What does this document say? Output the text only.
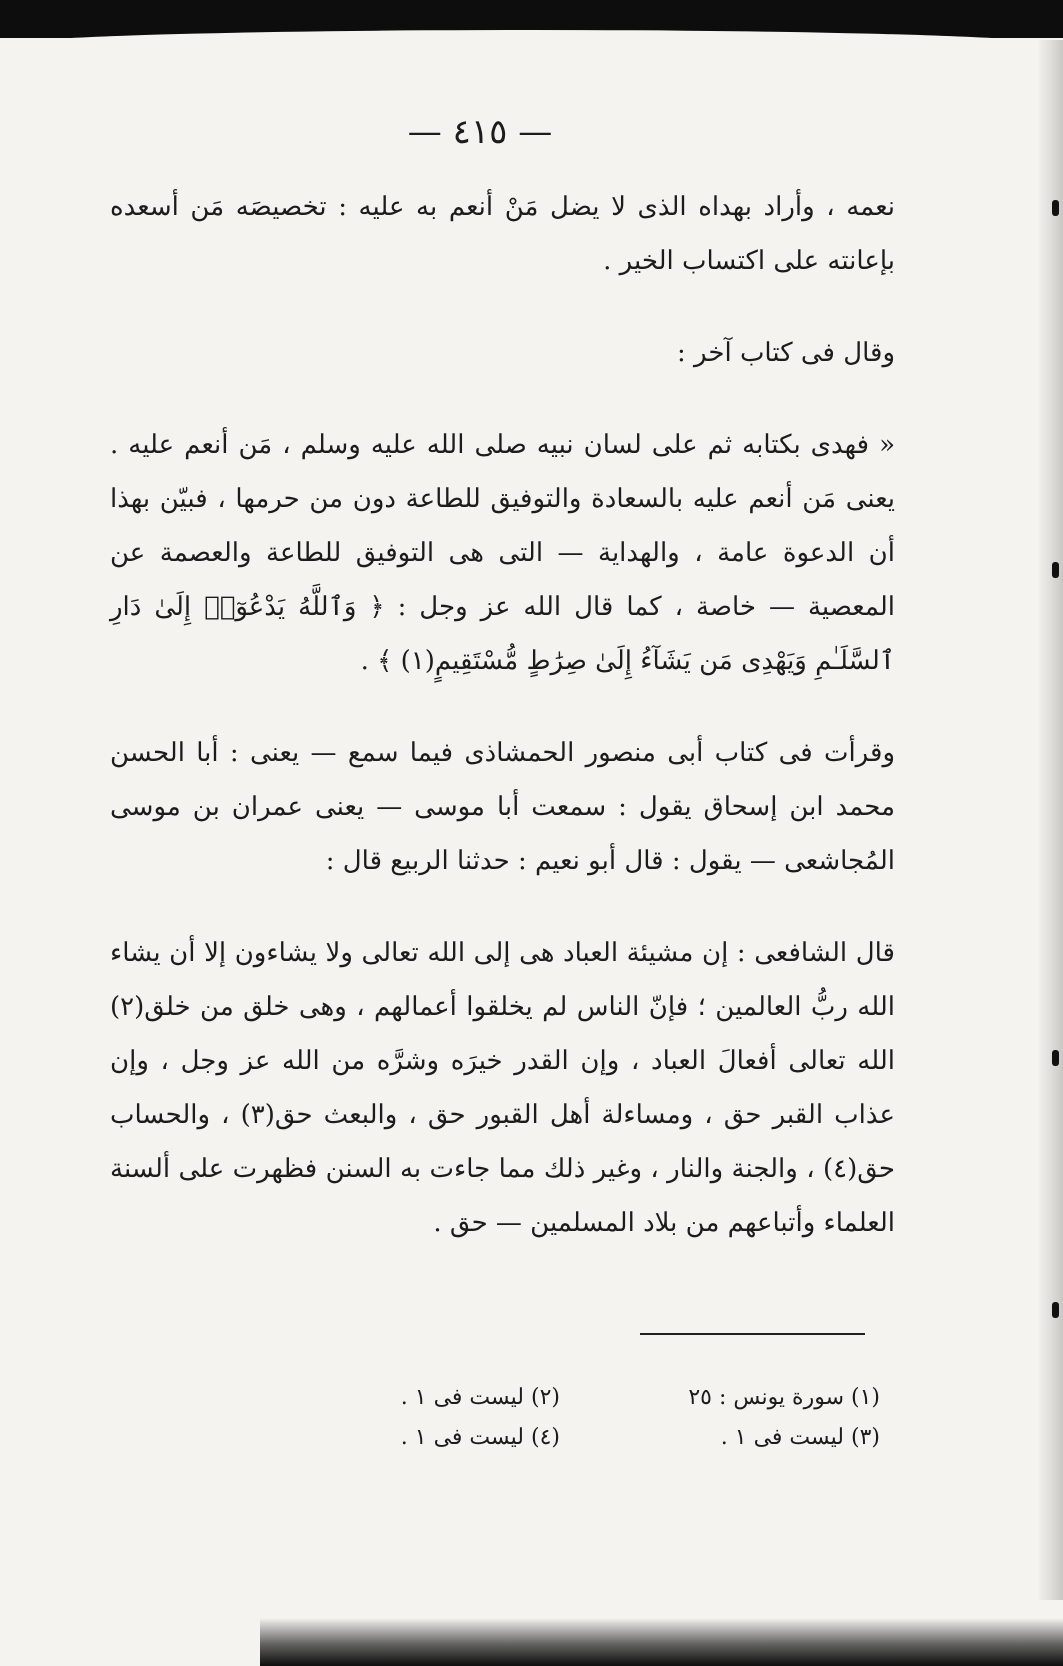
— ٤١٥ —

نعمه ، وأراد بهداه الذى لا يضل مَنْ أنعم به عليه : تخصيصَه مَن أسعده بإعانته على اكتساب الخير .

وقال فى كتاب آخر :

« فهدى بكتابه ثم على لسان نبيه صلى الله عليه وسلم ، مَن أنعم عليه . يعنى مَن أنعم عليه بالسعادة والتوفيق للطاعة دون من حرمها ، فبيّن بهذا أن الدعوة عامة ، والهداية — التى هى التوفيق للطاعة والعصمة عن المعصية — خاصة ، كما قال الله عز وجل : ﴿ وَٱللَّهُ يَدْعُوٓا۟ إِلَىٰ دَارِ ٱلسَّلَـٰمِ وَيَهْدِى مَن يَشَآءُ إِلَىٰ صِرَٰطٍ مُّسْتَقِيمٍ(١) ﴾ .

وقرأت فى كتاب أبى منصور الحمشاذى فيما سمع — يعنى : أبا الحسن محمد ابن إسحاق يقول : سمعت أبا موسى — يعنى عمران بن موسى المُجاشعى — يقول : قال أبو نعيم : حدثنا الربيع قال :

قال الشافعى : إن مشيئة العباد هى إلى الله تعالى ولا يشاءون إلا أن يشاء الله ربُّ العالمين ؛ فإنّ الناس لم يخلقوا أعمالهم ، وهى خلق من خلق(٢) الله تعالى أفعالَ العباد ، وإن القدر خيرَه وشرَّه من الله عز وجل ، وإن عذاب القبر حق ، ومساءلة أهل القبور حق ، والبعث حق(٣) ، والحساب حق(٤) ، والجنة والنار ، وغير ذلك مما جاءت به السنن فظهرت على ألسنة العلماء وأتباعهم من بلاد المسلمين — حق .

(١) سورة يونس : ٢٥
(٢) ليست فى ١ .
(٣) ليست فى ١ .
(٤) ليست فى ١ .
